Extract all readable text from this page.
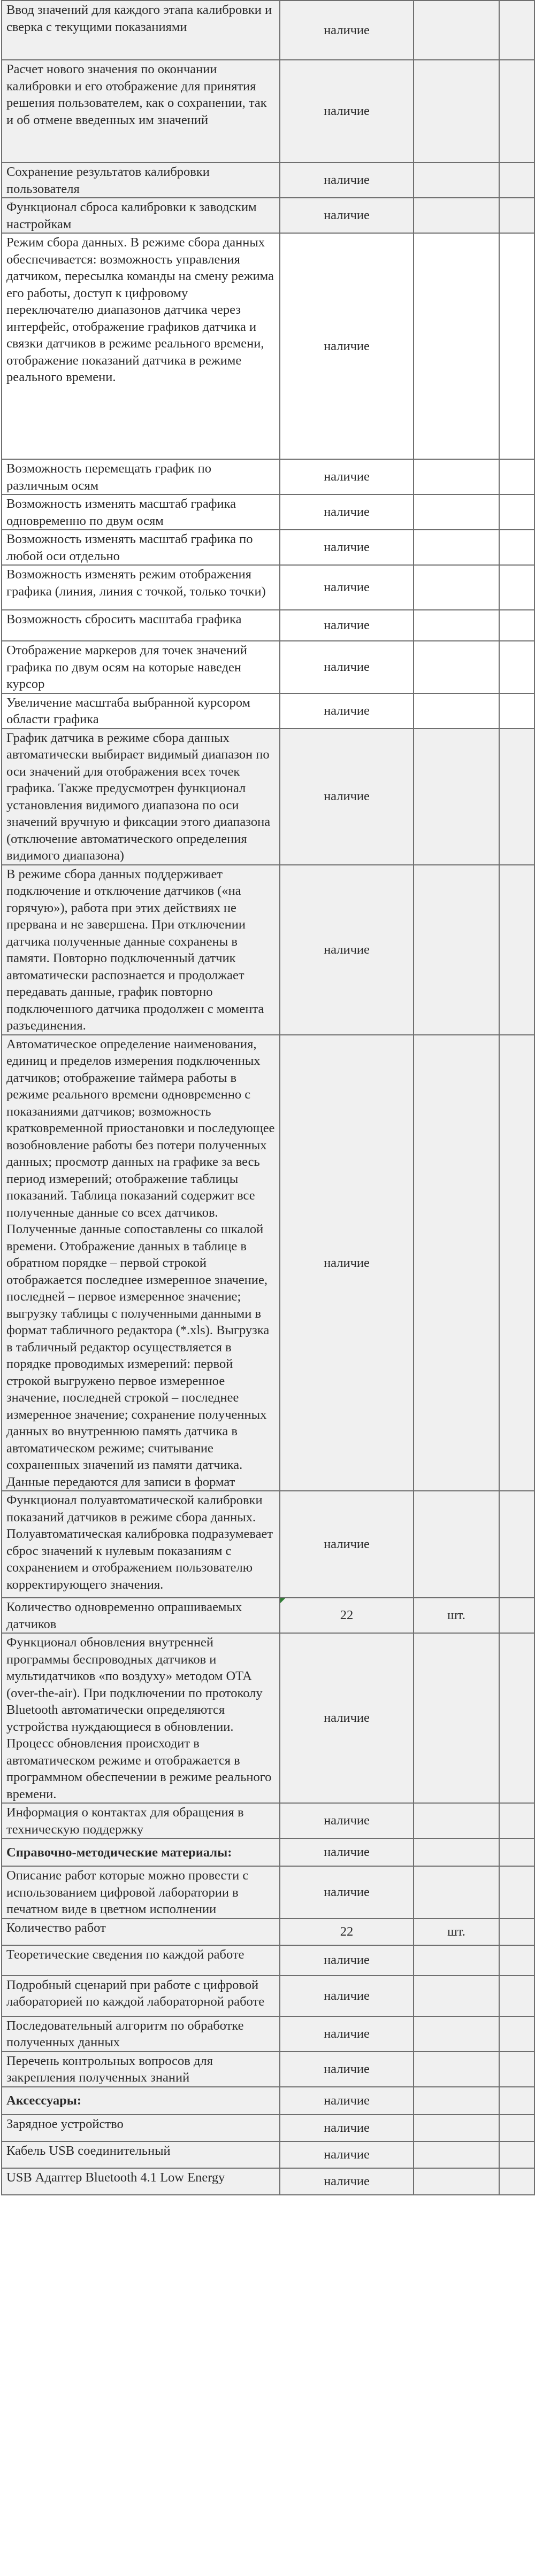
Ввод значений для каждого этапа калибровки и сверка с текущими показаниями	наличие		
Расчет нового значения по окончании калибровки и его отображение для принятия решения пользователем, как о сохранении, так и об отмене введенных им значений	наличие		
Сохранение результатов калибровки пользователя	наличие		
Функционал сброса калибровки к заводским настройкам	наличие		
Режим сбора данных. В режиме сбора данных обеспечивается: возможность управления датчиком, пересылка команды на смену режима его работы, доступ к цифровому переключателю диапазонов датчика через интерфейс, отображение графиков датчика и связки датчиков в режиме реального времени, отображение показаний датчика в режиме реального времени.	наличие		
Возможность перемещать график по различным осям	наличие		
Возможность изменять масштаб графика одновременно по двум осям	наличие		
Возможность изменять масштаб графика по любой оси отдельно	наличие		
Возможность изменять режим отображения графика (линия, линия с точкой, только точки)	наличие		
Возможность сбросить масштаба графика	наличие		
Отображение маркеров для точек значений графика по двум осям на которые наведен курсор	наличие		
Увеличение масштаба выбранной курсором области графика	наличие		
График датчика в режиме сбора данных автоматически выбирает видимый диапазон по оси значений для отображения всех точек графика. Также предусмотрен функционал установления видимого диапазона по оси значений вручную и фиксации этого диапазона (отключение автоматического определения видимого диапазона)	наличие		
В режиме сбора данных поддерживает подключение и отключение датчиков («на горячую»), работа при этих действиях не прервана и не завершена. При отключении датчика полученные данные сохранены в памяти. Повторно подключенный датчик автоматически распознается и продолжает передавать данные, график повторно подключенного датчика продолжен с момента разъединения.	наличие		
Автоматическое определение наименования, единиц и пределов измерения подключенных датчиков; отображение таймера работы в режиме реального времени одновременно с показаниями датчиков; возможность кратковременной приостановки и последующее возобновление работы без потери полученных данных; просмотр данных на графике за весь период измерений; отображение таблицы показаний. Таблица показаний содержит все полученные данные со всех датчиков. Полученные данные сопоставлены со шкалой времени. Отображение данных в таблице в обратном порядке – первой строкой отображается последнее измеренное значение, последней – первое измеренное значение; выгрузку таблицы с полученными данными в формат табличного редактора (*.xls). Выгрузка в табличный редактор осуществляется в порядке проводимых измерений: первой строкой выгружено первое измеренное значение, последней строкой – последнее измеренное значение; сохранение полученных данных во внутреннюю память датчика в автоматическом режиме; считывание сохраненных значений из памяти датчика. Данные передаются для записи в формат	наличие		
Функционал полуавтоматической калибровки показаний датчиков в режиме сбора данных. Полуавтоматическая калибровка подразумевает сброс значений к нулевым показаниям с сохранением и отображением пользователю корректирующего значения.	наличие		
Количество одновременно опрашиваемых датчиков	22	шт.	
Функционал обновления внутренней программы беспроводных датчиков и мультидатчиков «по воздуху» методом OTA (over-the-air). При подключении по протоколу Bluetooth автоматически определяются устройства нуждающиеся в обновлении. Процесс обновления происходит в автоматическом режиме и отображается в программном обеспечении в режиме реального времени.	наличие		
Информация о контактах для обращения в техническую поддержку	наличие		
Справочно-методические материалы:	наличие		
Описание работ которые можно провести с использованием цифровой лаборатории в печатном виде в цветном исполнении	наличие		
Количество работ	22	шт.	
Теоретические сведения по каждой работе	наличие		
Подробный сценарий при работе с цифровой лабораторией по каждой лабораторной работе	наличие		
Последовательный алгоритм по обработке полученных данных	наличие		
Перечень контрольных вопросов для закрепления полученных знаний	наличие		
Аксессуары:	наличие		
Зарядное устройство	наличие		
Кабель USB соединительный	наличие		
USB Адаптер Bluetooth 4.1 Low Energy	наличие		
